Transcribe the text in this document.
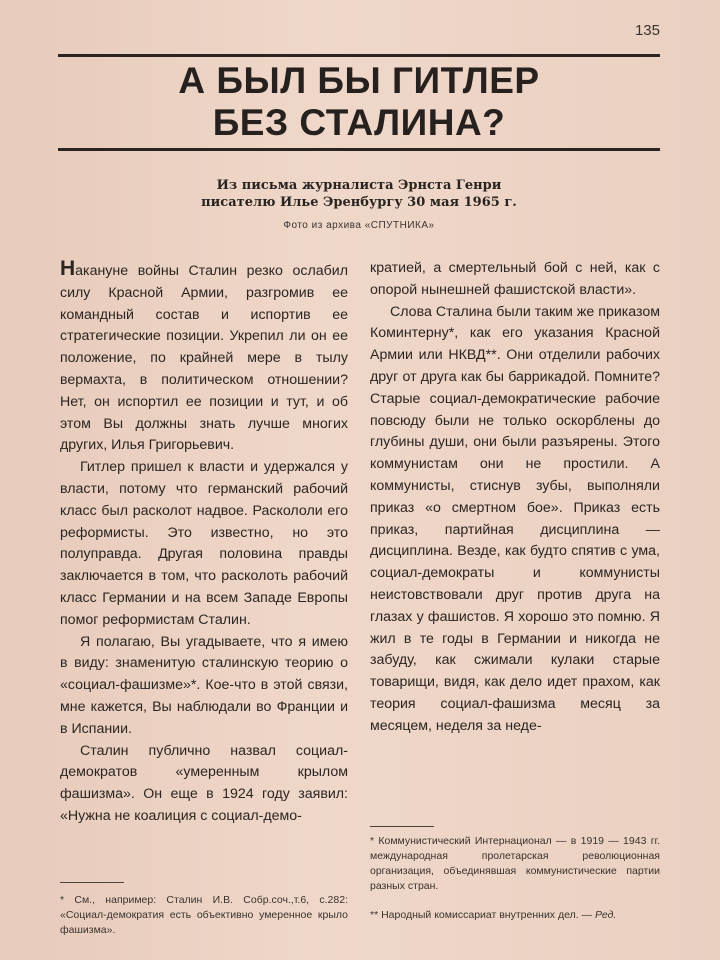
135
А БЫЛ БЫ ГИТЛЕР
БЕЗ СТАЛИНА?
Из письма журналиста Эрнста Генри
писателю Илье Эренбургу 30 мая 1965 г.
Фото из архива «СПУТНИКА»

Накануне войны Сталин резко ослабил силу Красной Армии, разгромив ее командный состав и испортив ее стратегические позиции. Укрепил ли он ее положение, по крайней мере в тылу вермахта, в политическом отношении? Нет, он испортил ее позиции и тут, и об этом Вы должны знать лучше многих других, Илья Григорьевич.

Гитлер пришел к власти и удержался у власти, потому что германский рабочий класс был расколот надвое. Раскололи его реформисты. Это известно, но это полуправда. Другая половина правды заключается в том, что расколоть рабочий класс Германии и на всем Западе Европы помог реформистам Сталин.

Я полагаю, Вы угадываете, что я имею в виду: знаменитую сталинскую теорию о «социал-фашизме»*. Кое-что в этой связи, мне кажется, Вы наблюдали во Франции и в Испании.

Сталин публично назвал социал-демократов «умеренным крылом фашизма». Он еще в 1924 году заявил: «Нужна не коалиция с социал-демо-

кратией, а смертельный бой с ней, как с опорой нынешней фашистской власти».

Слова Сталина были таким же приказом Коминтерну*, как его указания Красной Армии или НКВД**. Они отделили рабочих друг от друга как бы баррикадой. Помните? Старые социал-демократические рабочие повсюду были не только оскорблены до глубины души, они были разъярены. Этого коммунистам они не простили. А коммунисты, стиснув зубы, выполняли приказ «о смертном бое». Приказ есть приказ, партийная дисциплина — дисциплина. Везде, как будто спятив с ума, социал-демократы и коммунисты неистовствовали друг против друга на глазах у фашистов. Я хорошо это помню. Я жил в те годы в Германии и никогда не забуду, как сжимали кулаки старые товарищи, видя, как дело идет прахом, как теория социал-фашизма месяц за месяцем, неделя за неде-

* См., например: Сталин И.В. Собр.соч.,т.6, с.282: «Социал-демократия есть объективно умеренное крыло фашизма».
* Коммунистический Интернационал — в 1919 — 1943 гг. международная пролетарская революционная организация, объединявшая коммунистические партии разных стран.
** Народный комиссариат внутренних дел. — Ред.
